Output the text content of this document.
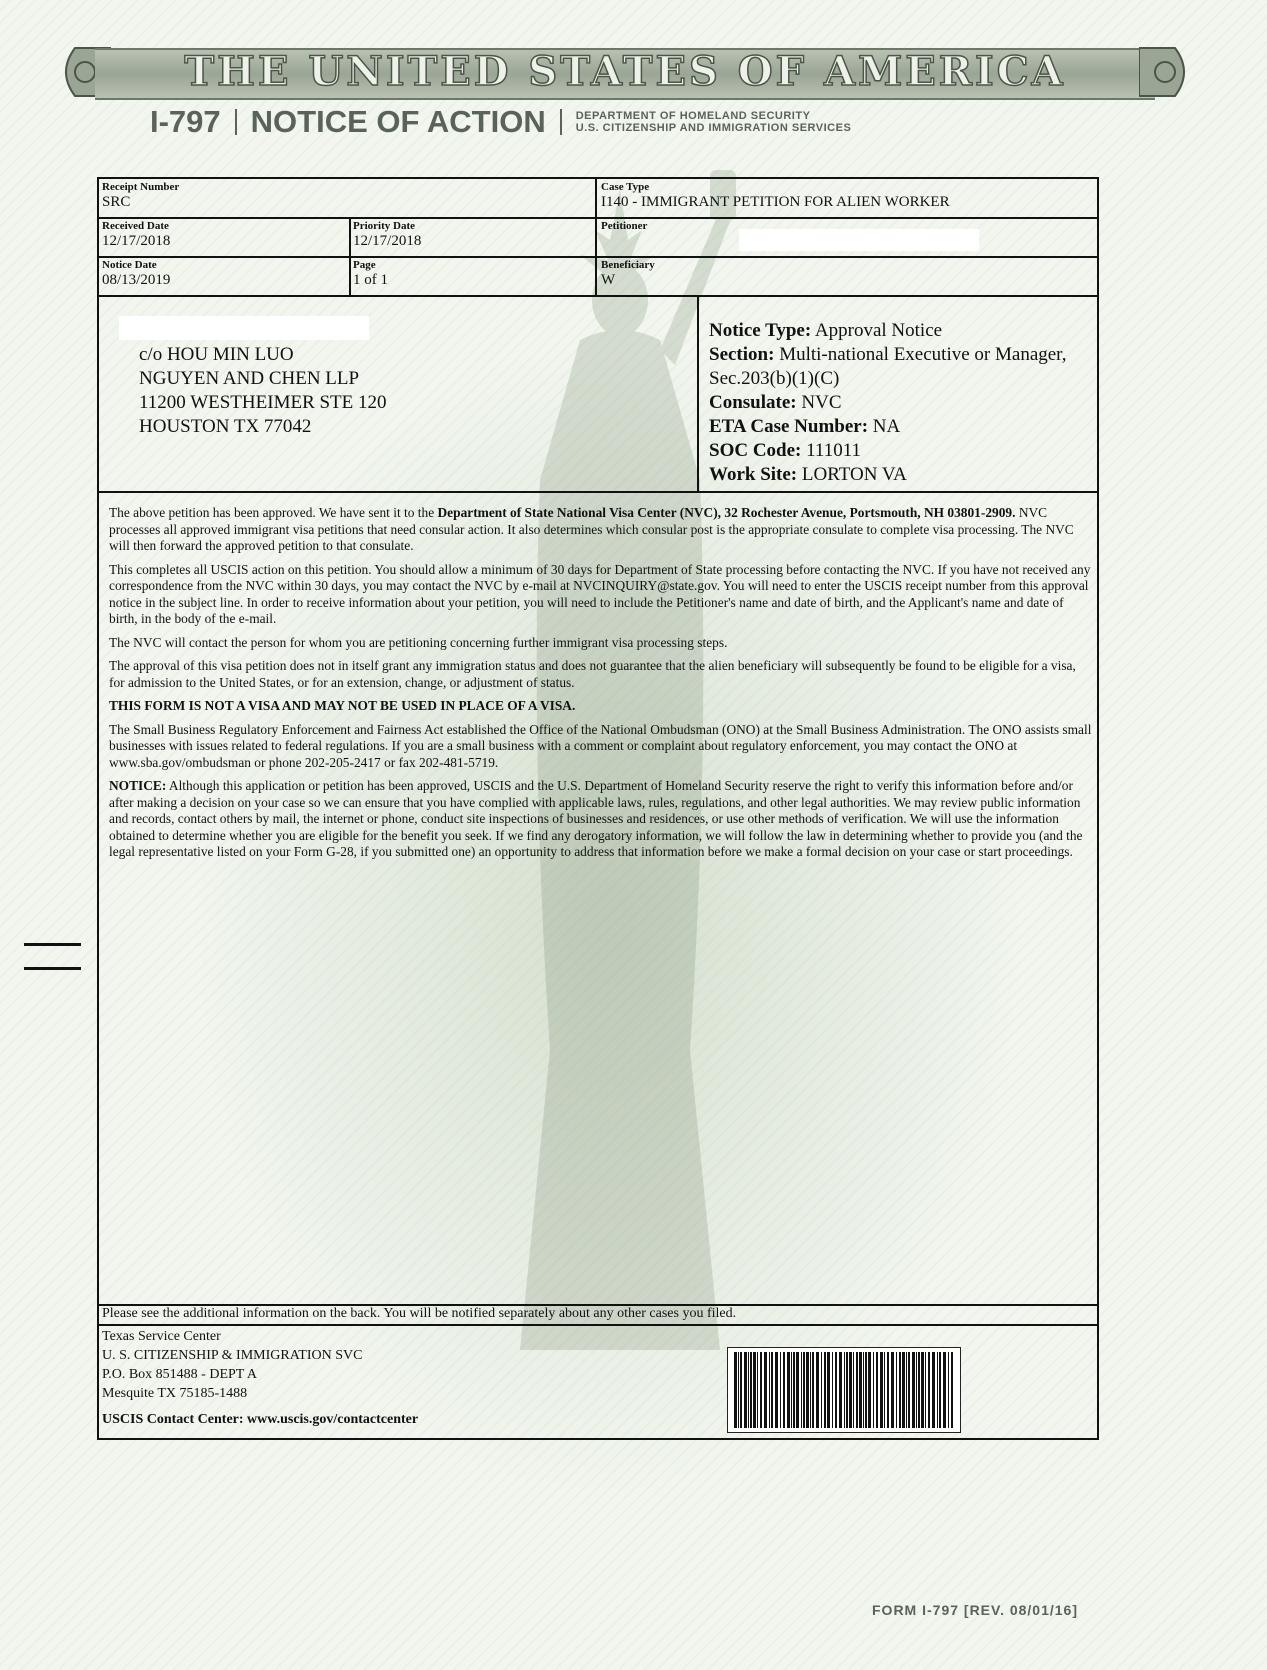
THE UNITED STATES OF AMERICA
I-797 NOTICE OF ACTION	DEPARTMENT OF HOMELAND SECURITY
U.S. CITIZENSHIP AND IMMIGRATION SERVICES
Receipt Number
SRC
Case Type
I140 - IMMIGRANT PETITION FOR ALIEN WORKER
Received Date
12/17/2018
Priority Date
12/17/2018
Petitioner
Notice Date
08/13/2019
Page
1 of 1
Beneficiary
W
c/o HOU MIN LUO
NGUYEN AND CHEN LLP
11200 WESTHEIMER STE 120
HOUSTON TX 77042
Notice Type: Approval Notice
Section: Multi-national Executive or Manager,
Sec.203(b)(1)(C)
Consulate: NVC
ETA Case Number: NA
SOC Code: 111011
Work Site: LORTON VA

The above petition has been approved. We have sent it to the Department of State National Visa Center (NVC), 32 Rochester Avenue, Portsmouth, NH 03801-2909. NVC processes all approved immigrant visa petitions that need consular action. It also determines which consular post is the appropriate consulate to complete visa processing. The NVC will then forward the approved petition to that consulate.

This completes all USCIS action on this petition. You should allow a minimum of 30 days for Department of State processing before contacting the NVC. If you have not received any correspondence from the NVC within 30 days, you may contact the NVC by e-mail at NVCINQUIRY@state.gov. You will need to enter the USCIS receipt number from this approval notice in the subject line. In order to receive information about your petition, you will need to include the Petitioner's name and date of birth, and the Applicant's name and date of birth, in the body of the e-mail.

The NVC will contact the person for whom you are petitioning concerning further immigrant visa processing steps.

The approval of this visa petition does not in itself grant any immigration status and does not guarantee that the alien beneficiary will subsequently be found to be eligible for a visa, for admission to the United States, or for an extension, change, or adjustment of status.

THIS FORM IS NOT A VISA AND MAY NOT BE USED IN PLACE OF A VISA.

The Small Business Regulatory Enforcement and Fairness Act established the Office of the National Ombudsman (ONO) at the Small Business Administration. The ONO assists small businesses with issues related to federal regulations. If you are a small business with a comment or complaint about regulatory enforcement, you may contact the ONO at www.sba.gov/ombudsman or phone 202-205-2417 or fax 202-481-5719.

NOTICE: Although this application or petition has been approved, USCIS and the U.S. Department of Homeland Security reserve the right to verify this information before and/or after making a decision on your case so we can ensure that you have complied with applicable laws, rules, regulations, and other legal authorities. We may review public information and records, contact others by mail, the internet or phone, conduct site inspections of businesses and residences, or use other methods of verification. We will use the information obtained to determine whether you are eligible for the benefit you seek. If we find any derogatory information, we will follow the law in determining whether to provide you (and the legal representative listed on your Form G-28, if you submitted one) an opportunity to address that information before we make a formal decision on your case or start proceedings.

Please see the additional information on the back. You will be notified separately about any other cases you filed.
Texas Service Center
U. S. CITIZENSHIP & IMMIGRATION SVC
P.O. Box 851488 - DEPT A
Mesquite TX 75185-1488
USCIS Contact Center: www.uscis.gov/contactcenter
FORM I-797 [REV. 08/01/16]
